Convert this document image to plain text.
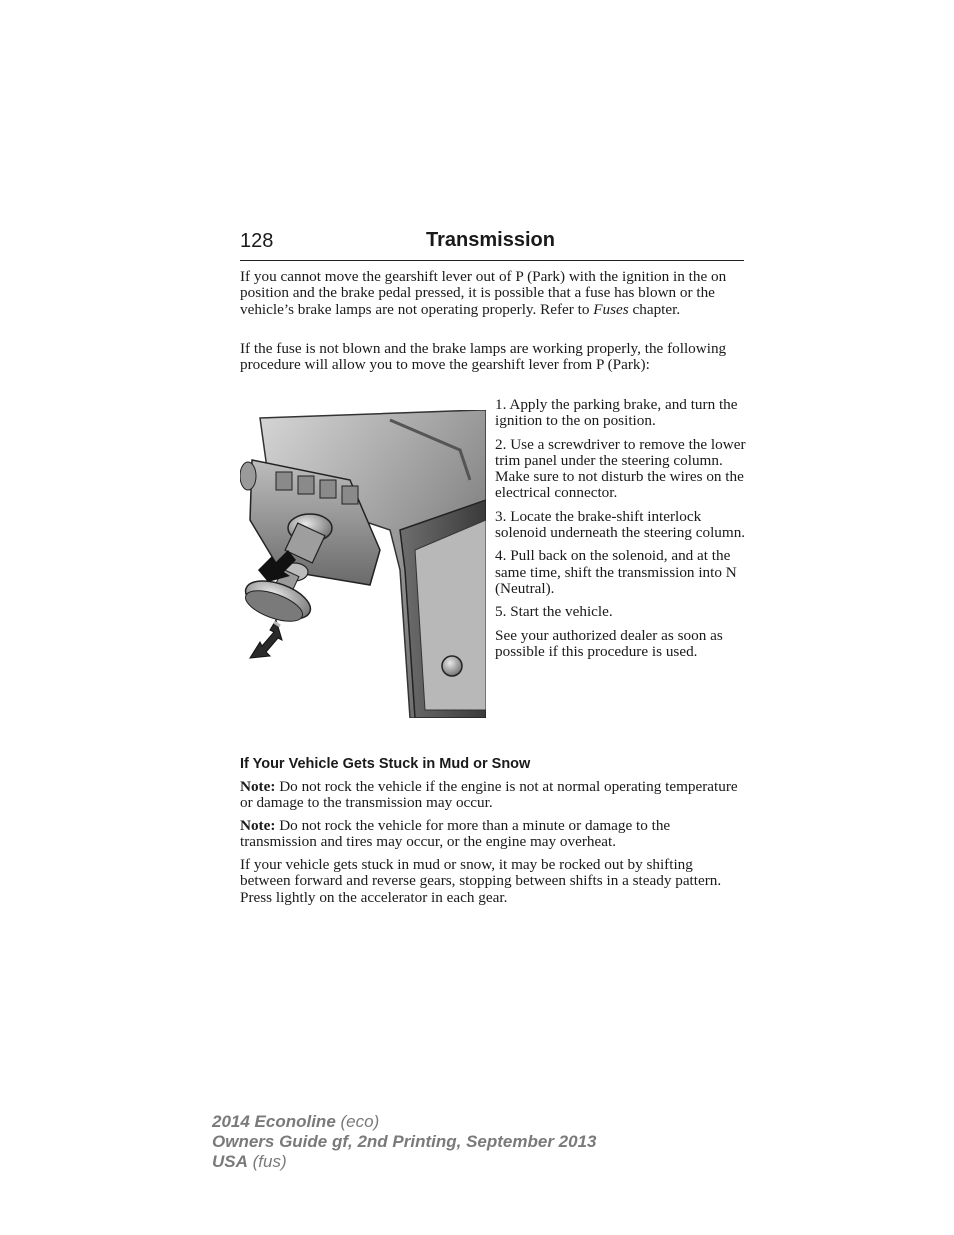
128	Transmission

If you cannot move the gearshift lever out of P (Park) with the ignition in the on position and the brake pedal pressed, it is possible that a fuse has blown or the vehicle’s brake lamps are not operating properly. Refer to Fuses chapter.

If the fuse is not blown and the brake lamps are working properly, the following procedure will allow you to move the gearshift lever from P (Park):

1. Apply the parking brake, and turn the ignition to the on position.

2. Use a screwdriver to remove the lower trim panel under the steering column. Make sure to not disturb the wires on the electrical connector.

3. Locate the brake-shift interlock solenoid underneath the steering column.

4. Pull back on the solenoid, and at the same time, shift the transmission into N (Neutral).

5. Start the vehicle.

See your authorized dealer as soon as possible if this procedure is used.

If Your Vehicle Gets Stuck in Mud or Snow

Note: Do not rock the vehicle if the engine is not at normal operating temperature or damage to the transmission may occur.

Note: Do not rock the vehicle for more than a minute or damage to the transmission and tires may occur, or the engine may overheat.

If your vehicle gets stuck in mud or snow, it may be rocked out by shifting between forward and reverse gears, stopping between shifts in a steady pattern. Press lightly on the accelerator in each gear.

2014 Econoline (eco)
Owners Guide gf, 2nd Printing, September 2013
USA (fus)
